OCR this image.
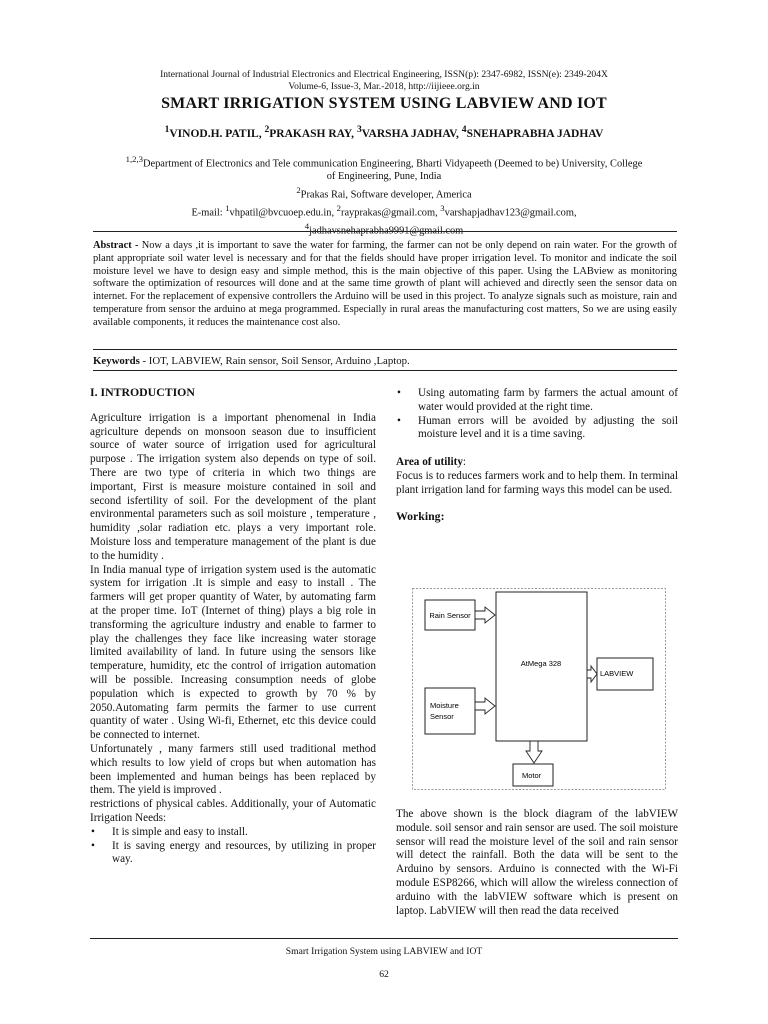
International Journal of Industrial Electronics and Electrical Engineering, ISSN(p): 2347-6982, ISSN(e): 2349-204X
Volume-6, Issue-3, Mar.-2018, http://iijieee.org.in
SMART IRRIGATION SYSTEM USING LABVIEW AND IOT
$^1$VINOD.H. PATIL, $^2$PRAKASH RAY, $^3$VARSHA JADHAV, $^4$SNEHAPRABHA JADHAV
$^{1,2,3}$Department of Electronics and Tele communication Engineering, Bharti Vidyapeeth (Deemed to be) University, College
of Engineering, Pune, India
$^2$Prakas Rai, Software developer, America
E-mail: $^1$vhpatil@bvcuoep.edu.in, $^2$rayprakas@gmail.com, $^3$varshapjadhav123@gmail.com,
$^4$jadhavsnehaprabha9991@gmail.com
Abstract - Now a days ,it is important to save the water for farming, the farmer can not be only depend on rain water. For the growth of plant appropriate soil water level is necessary and for that the fields should have proper irrigation level. To monitor and indicate the soil moisture level we have to design easy and simple method, this is the main objective of this paper. Using the LABview as monitoring software the optimization of resources will done and at the same time growth of plant will achieved and directly seen the sensor data on internet. For the replacement of expensive controllers the Arduino will be used in this project. To analyze signals such as moisture, rain and temperature from sensor the arduino at mega programmed. Especially in rural areas the manufacturing cost matters, So we are using easily available components, it reduces the maintenance cost also.
Keywords - IOT, LABVIEW, Rain sensor, Soil Sensor, Arduino ,Laptop.
I. INTRODUCTION

Agriculture irrigation is a important phenomenal in India agriculture depends on monsoon season due to insufficient source of water source of irrigation used for agricultural purpose . The irrigation system also depends on type of soil. There are two type of criteria in which two things are important, First is measure moisture contained in soil and second isfertility of soil. For the development of the plant environmental parameters such as soil moisture , temperature , humidity ,solar radiation etc. plays a very important role. Moisture loss and temperature management of the plant is due to the humidity .

In India manual type of irrigation system used is the automatic system for irrigation .It is simple and easy to install . The farmers will get proper quantity of Water, by automating farm at the proper time. IoT (Internet of thing) plays a big role in transforming the agriculture industry and enable to farmer to play the challenges they face like increasing water storage limited availability of land. In future using the sensors like temperature, humidity, etc the control of irrigation automation will be possible. Increasing consumption needs of globe population which is expected to growth by 70 % by 2050.Automating farm permits the farmer to use current quantity of water . Using Wi-fi, Ethernet, etc this device could be connected to internet.

Unfortunately , many farmers still used traditional method which results to low yield of crops but when automation has been implemented and human beings has been replaced by them. The yield is improved .

restrictions of physical cables. Additionally, your of Automatic Irrigation Needs:

• It is simple and easy to install.
• It is saving energy and resources, by utilizing in proper way.
• Using automating farm by farmers the actual amount of water would provided at the right time.
• Human errors will be avoided by adjusting the soil moisture level and it is a time saving.
Area of utility:

Focus is to reduces farmers work and to help them. In terminal plant irrigation land for farming ways this model can be used.

Working:
Rain Sensor
AtMega 328
Moisture
Sensor
LABVIEW
Motor

The above shown is the block diagram of the labVIEW module. soil sensor and rain sensor are used. The soil moisture sensor will read the moisture level of the soil and rain sensor will detect the rainfall. Both the data will be sent to the Arduino by sensors. Arduino is connected with the Wi-Fi module ESP8266, which will allow the wireless connection of arduino with the labVIEW software which is present on laptop. LabVIEW will then read the data received

Smart Irrigation System using LABVIEW and IOT
62
